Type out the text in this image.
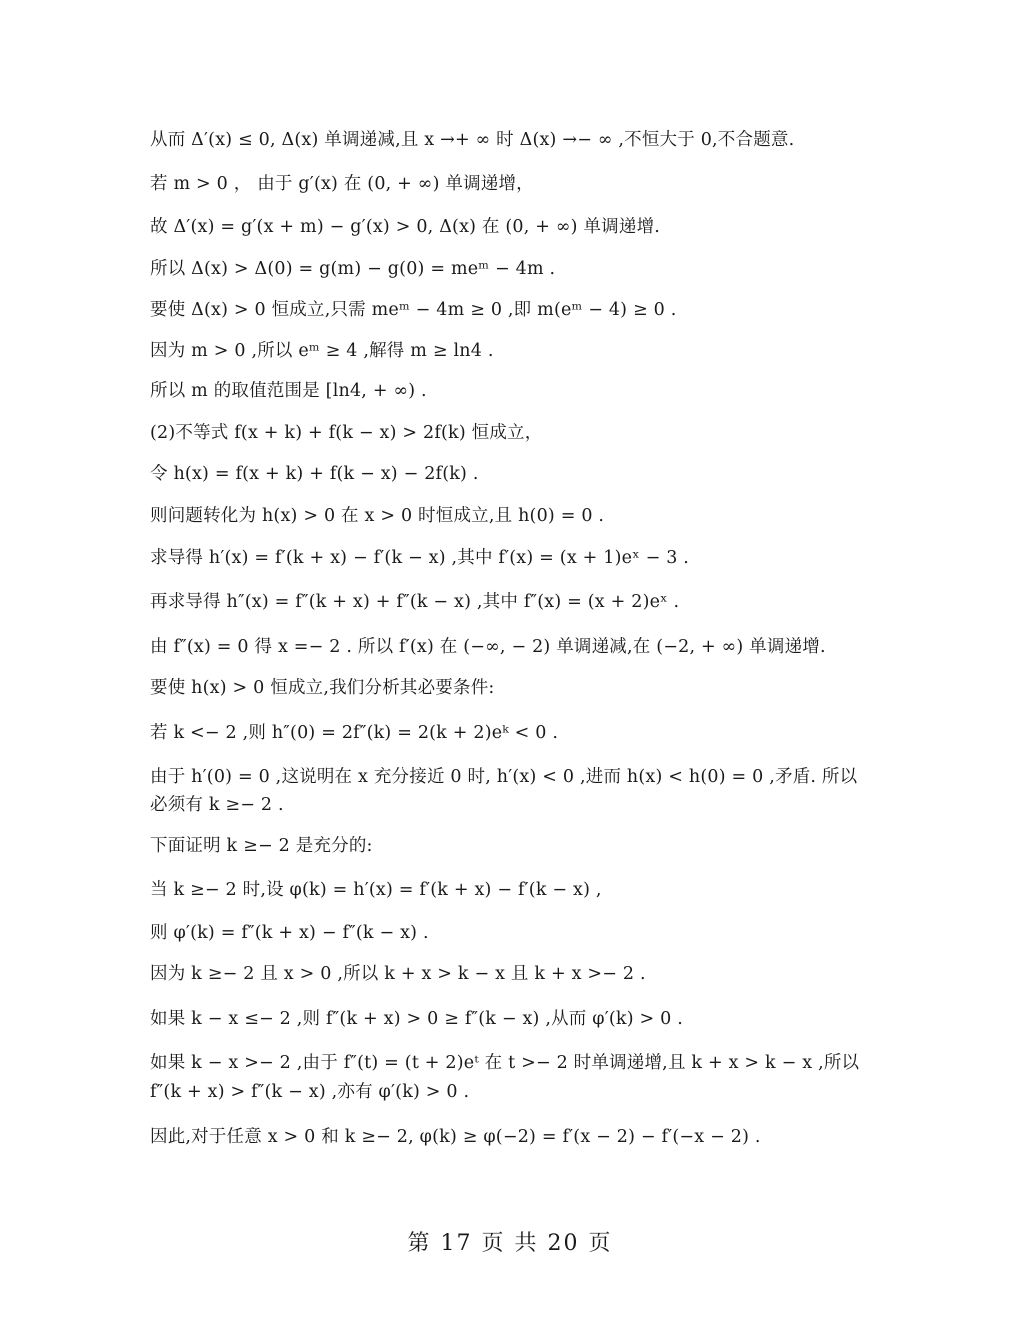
从而 Δ′(x) ≤ 0, Δ(x) 单调递减,且 x →+ ∞ 时 Δ(x) →− ∞ ,不恒大于 0,不合题意.
若 m > 0 ， 由于 g′(x) 在 (0, + ∞) 单调递增，
故 Δ′(x) = g′(x + m) − g′(x) > 0, Δ(x) 在 (0, + ∞) 单调递增.
所以 Δ(x) > Δ(0) = g(m) − g(0) = meᵐ − 4m .
要使 Δ(x) > 0 恒成立,只需 meᵐ − 4m ≥ 0 ,即 m(eᵐ − 4) ≥ 0 .
因为 m > 0 ,所以 eᵐ ≥ 4 ,解得 m ≥ ln4 .
所以 m 的取值范围是 [ln4, + ∞) .
(2)不等式 f(x + k) + f(k − x) > 2f(k) 恒成立，
令 h(x) = f(x + k) + f(k − x) − 2f(k) .
则问题转化为 h(x) > 0 在 x > 0 时恒成立,且 h(0) = 0 .
求导得 h′(x) = f′(k + x) − f′(k − x) ,其中 f′(x) = (x + 1)eˣ − 3 .
再求导得 h″(x) = f″(k + x) + f″(k − x) ,其中 f″(x) = (x + 2)eˣ .
由 f″(x) = 0 得 x =− 2 . 所以 f′(x) 在 (−∞, − 2) 单调递减,在 (−2, + ∞) 单调递增.
要使 h(x) > 0 恒成立,我们分析其必要条件:
若 k <− 2 ,则 h″(0) = 2f″(k) = 2(k + 2)eᵏ < 0 .
由于 h′(0) = 0 ,这说明在 x 充分接近 0 时, h′(x) < 0 ,进而 h(x) < h(0) = 0 ,矛盾. 所以
必须有 k ≥− 2 .
下面证明 k ≥− 2 是充分的:
当 k ≥− 2 时,设 φ(k) = h′(x) = f′(k + x) − f′(k − x) ,
则 φ′(k) = f″(k + x) − f″(k − x) .
因为 k ≥− 2 且 x > 0 ,所以 k + x > k − x 且 k + x >− 2 .
如果 k − x ≤− 2 ,则 f″(k + x) > 0 ≥ f″(k − x) ,从而 φ′(k) > 0 .
如果 k − x >− 2 ,由于 f″(t) = (t + 2)eᵗ 在 t >− 2 时单调递增,且 k + x > k − x ,所以
f″(k + x) > f″(k − x) ,亦有 φ′(k) > 0 .
因此,对于任意 x > 0 和 k ≥− 2, φ(k) ≥ φ(−2) = f′(x − 2) − f′(−x − 2) .
第 17 页 共 20 页
